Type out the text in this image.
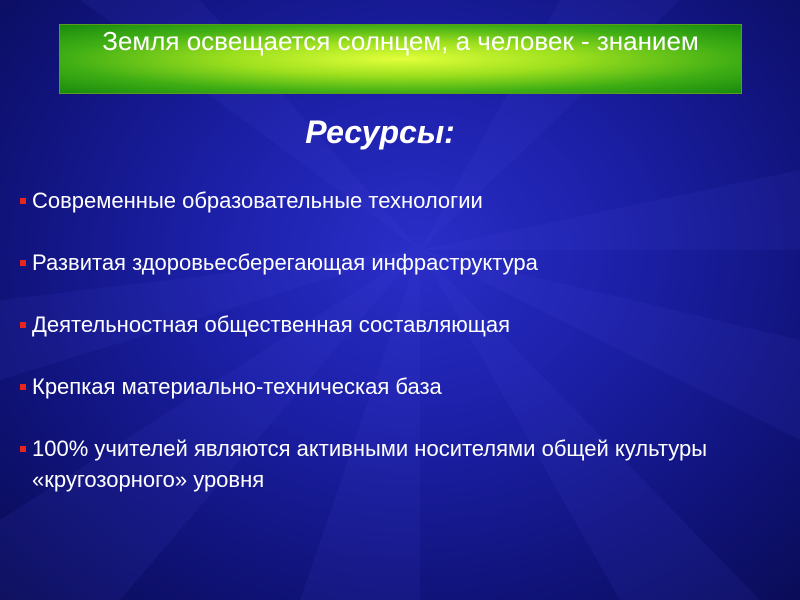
Земля освещается солнцем, а человек - знанием
Ресурсы:
Современные образовательные технологии
Развитая здоровьесберегающая инфраструктура
Деятельностная общественная составляющая
Крепкая материально-техническая база
100% учителей являются активными носителями общей культуры «кругозорного» уровня
